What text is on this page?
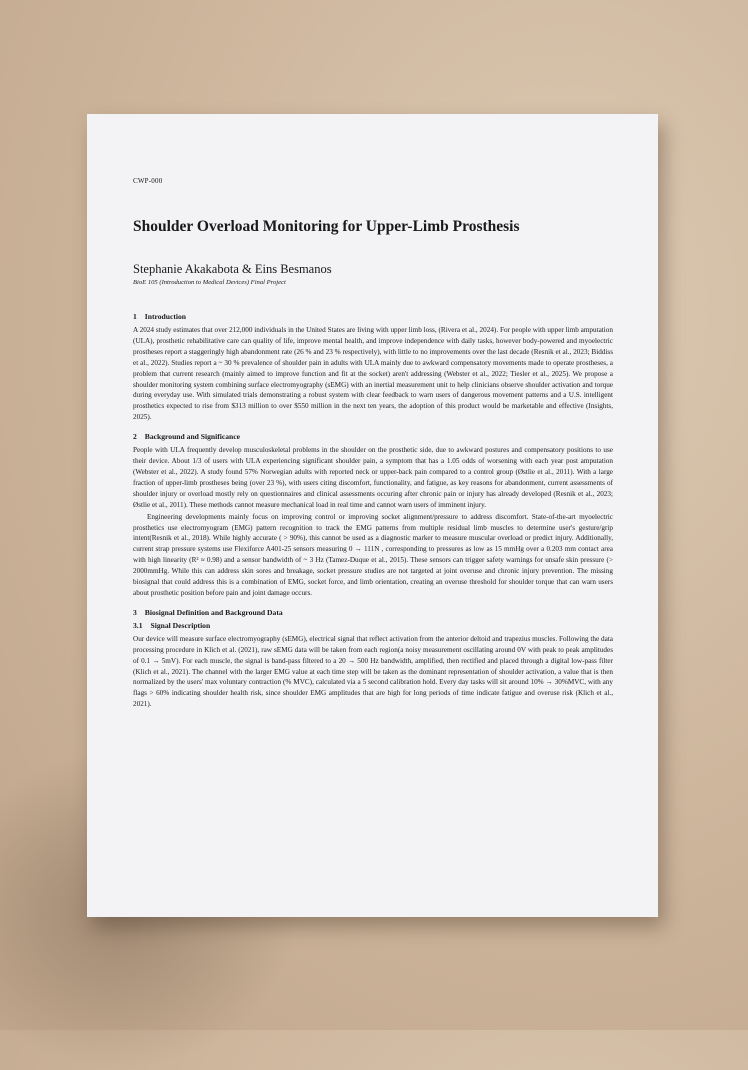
CWP-000
Shoulder Overload Monitoring for Upper-Limb Prosthesis
Stephanie Akakabota & Eins Besmanos
BioE 105 (Introduction to Medical Devices) Final Project
1 Introduction

A 2024 study estimates that over 212,000 individuals in the United States are living with upper limb loss, (Rivera et al., 2024). For people with upper limb amputation (ULA), prosthetic rehabilitative care can quality of life, improve mental health, and improve independence with daily tasks, however body-powered and myoelectric prostheses report a staggeringly high abandonment rate (26 % and 23 % respectively), with little to no improvements over the last decade (Resnik et al., 2023; Biddiss et al., 2022). Studies report a ~ 30 % prevalence of shoulder pain in adults with ULA mainly due to awkward compensatory movements made to operate prostheses, a problem that current research (mainly aimed to improve function and fit at the socket) aren't addressing (Webster et al., 2022; Tiesler et al., 2025). We propose a shoulder monitoring system combining surface electromyography (sEMG) with an inertial measurement unit to help clinicians observe shoulder activation and torque during everyday use. With simulated trials demonstrating a robust system with clear feedback to warn users of dangerous movement patterns and a U.S. intelligent prosthetics expected to rise from $313 million to over $550 million in the next ten years, the adoption of this product would be marketable and effective (Insights, 2025).

2 Background and Significance

People with ULA frequently develop musculoskeletal problems in the shoulder on the prosthetic side, due to awkward postures and compensatory positions to use their device. About 1/3 of users with ULA experiencing significant shoulder pain, a symptom that has a 1.05 odds of worsening with each year post amputation (Webster et al., 2022). A study found 57% Norwegian adults with reported neck or upper-back pain compared to a control group (Østlie et al., 2011). With a large fraction of upper-limb prostheses being (over 23 %), with users citing discomfort, functionality, and fatigue, as key reasons for abandonment, current assessments of shoulder injury or overload mostly rely on questionnaires and clinical assessments occuring after chronic pain or injury has already developed (Resnik et al., 2023; Østlie et al., 2011). These methods cannot measure mechanical load in real time and cannot warn users of imminent injury.

Engineering developments mainly focus on improving control or improving socket alignment/pressure to address discomfort. State-of-the-art myoelectric prosthetics use electromyogram (EMG) pattern recognition to track the EMG patterns from multiple residual limb muscles to determine user's gesture/grip intent(Resnik et al., 2018). While highly accurate ( > 90%), this cannot be used as a diagnostic marker to measure muscular overload or predict injury. Additionally, current strap pressure systems use Flexiforce A401-25 sensors measuring 0 → 111N , corresponding to pressures as low as 15 mmHg over a 0.203 mm contact area with high linearity (R² ≈ 0.98) and a sensor bandwidth of ~ 3 Hz (Tamez-Duque et al., 2015). These sensors can trigger safety warnings for unsafe skin pressure (> 2000mmHg. While this can address skin sores and breakage, socket pressure studies are not targeted at joint overuse and chronic injury prevention. The missing biosignal that could address this is a combination of EMG, socket force, and limb orientation, creating an overuse threshold for shoulder torque that can warn users about prosthetic position before pain and joint damage occurs.

3 Biosignal Definition and Background Data
3.1 Signal Description

Our device will measure surface electromyography (sEMG), electrical signal that reflect activation from the anterior deltoid and trapezius muscles. Following the data processing procedure in Klich et al. (2021), raw sEMG data will be taken from each region(a noisy measurement oscillating around 0V with peak to peak amplitudes of 0.1 → 5mV). For each muscle, the signal is band-pass filtered to a 20 → 500 Hz bandwidth, amplified, then rectified and placed through a digital low-pass filter (Klich et al., 2021). The channel with the larger EMG value at each time step will be taken as the dominant representation of shoulder activation, a value that is then normalized by the users' max voluntary contraction (% MVC), calculated via a 5 second calibration hold. Every day tasks will sit around 10% → 30%MVC, with any flags > 60% indicating shoulder health risk, since shoulder EMG amplitudes that are high for long periods of time indicate fatigue and overuse risk (Klich et al., 2021).
